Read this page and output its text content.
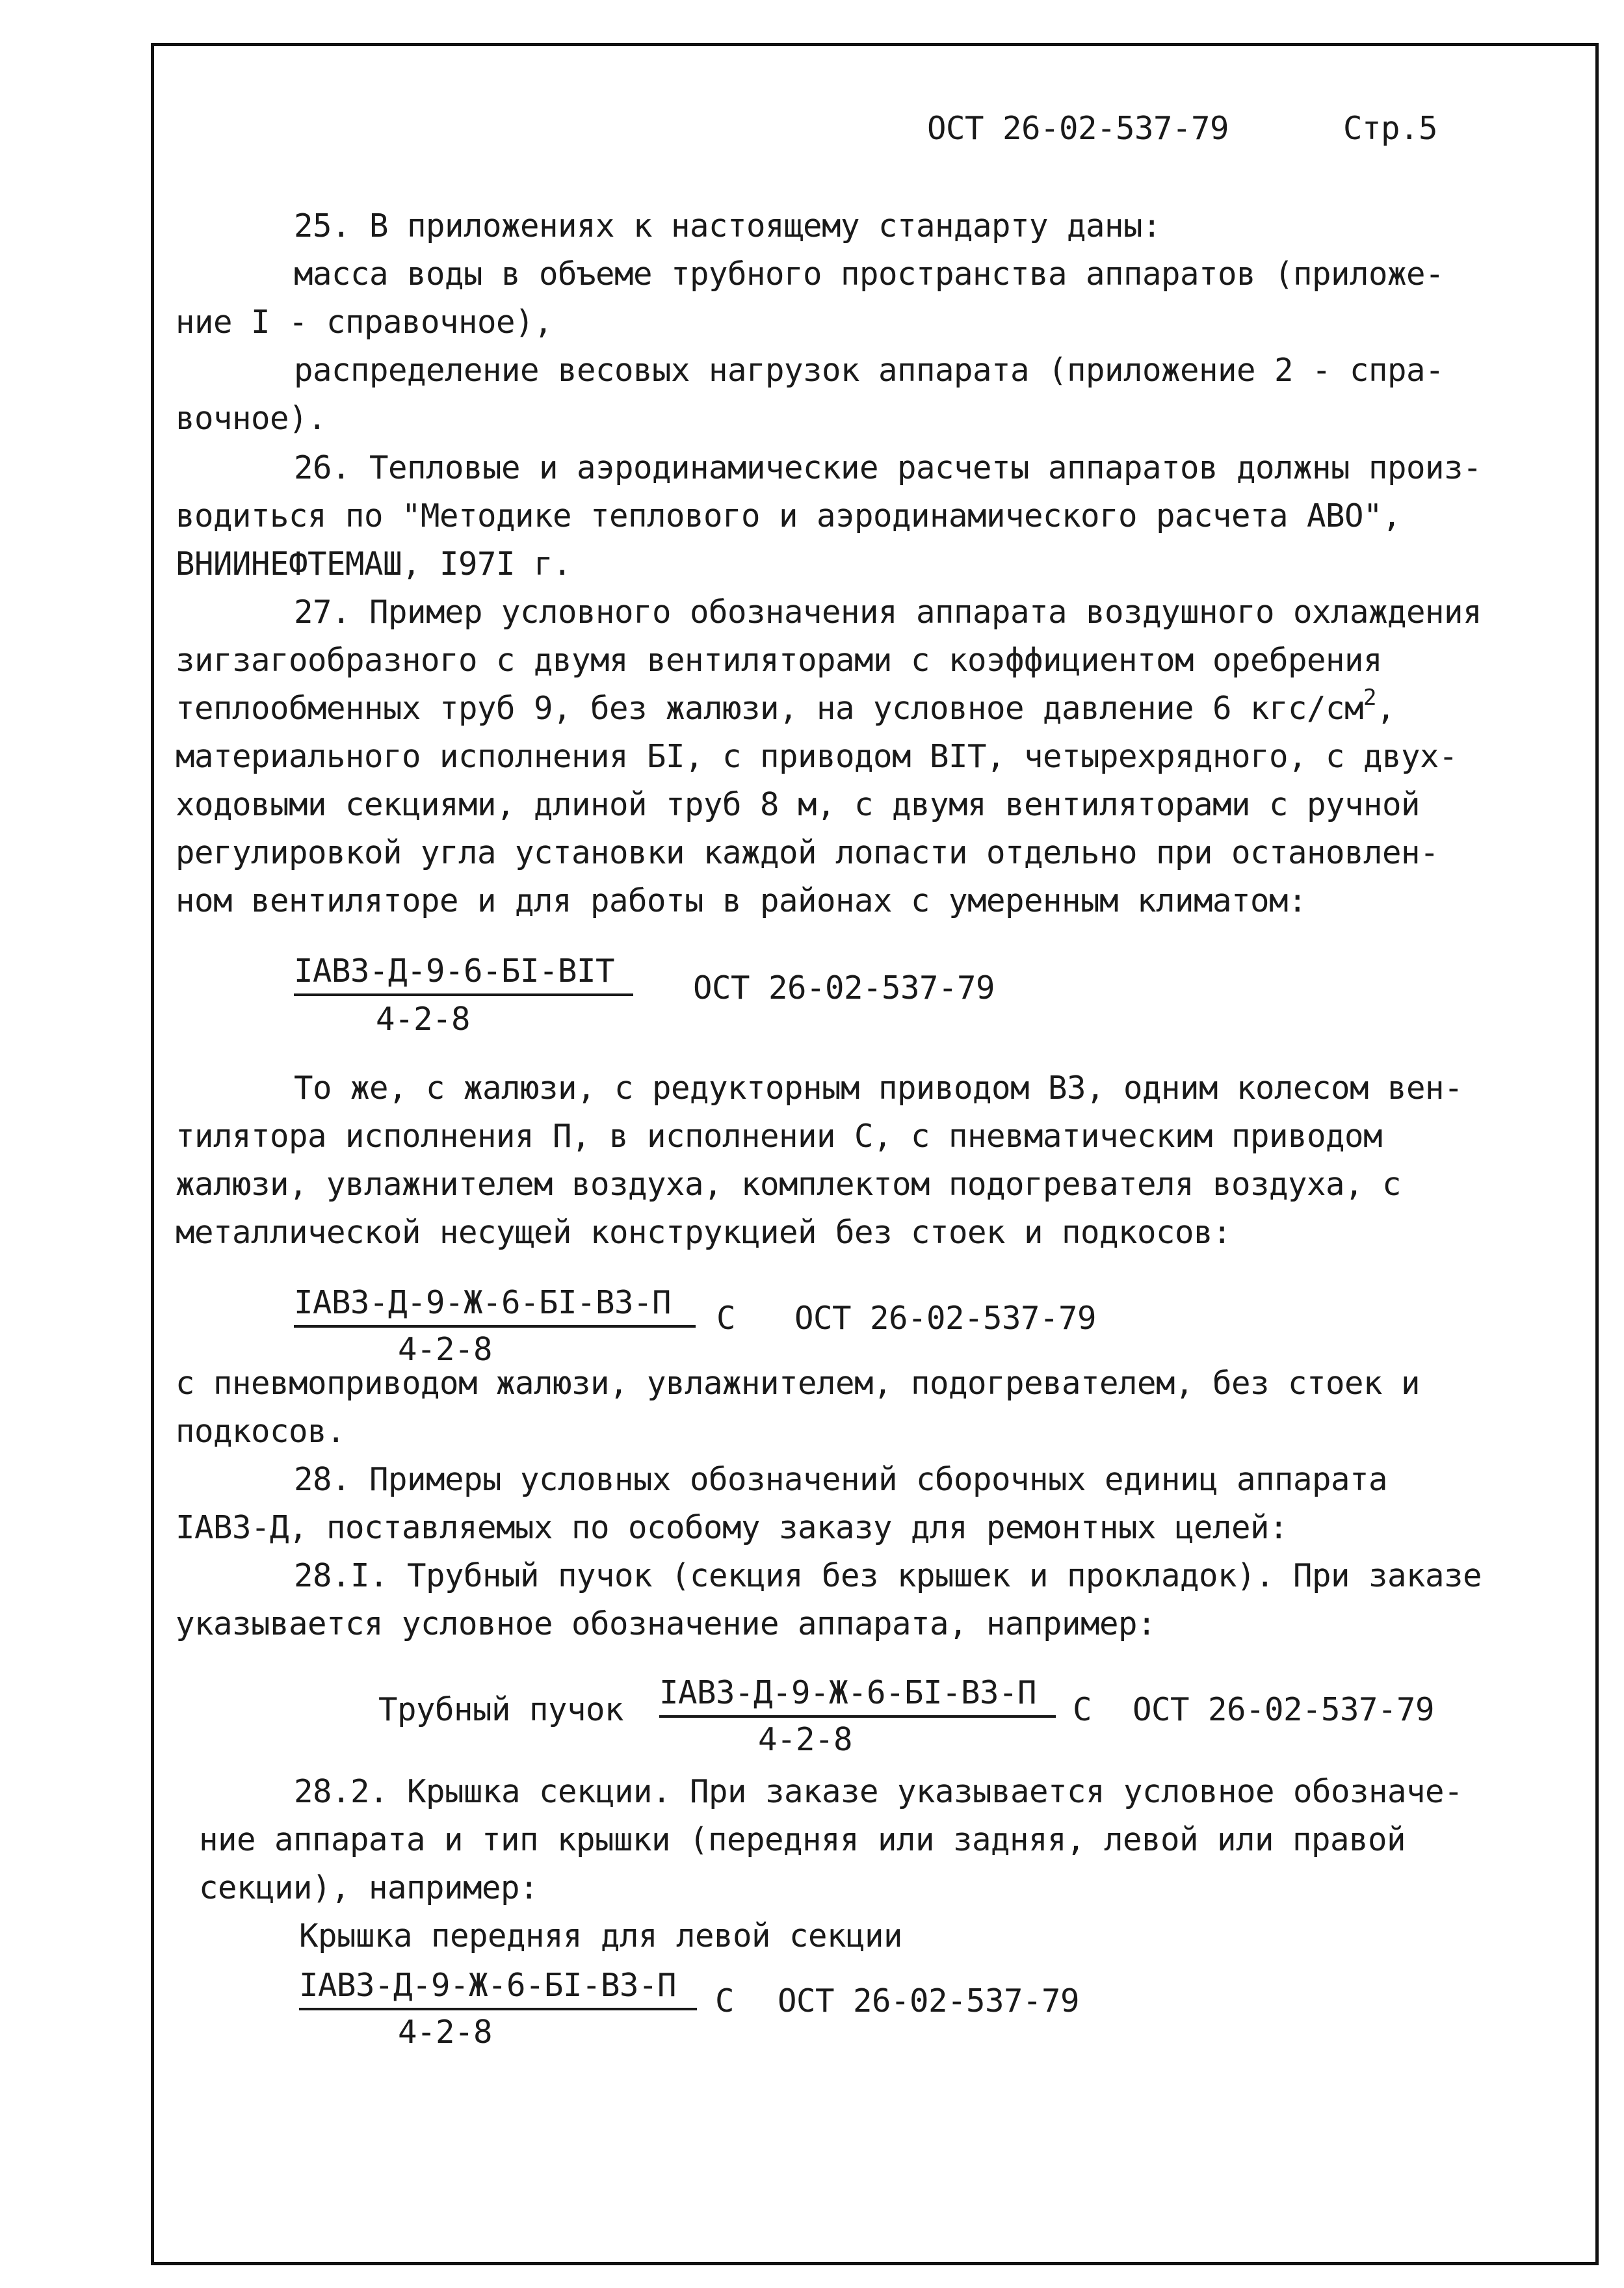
ОСТ 26-02-537-79	Стр.5
25. В приложениях к настоящему стандарту даны:
масса воды в объеме трубного пространства аппаратов (приложе-
ние I - справочное),
распределение весовых нагрузок аппарата (приложение 2 - спра-
вочное).
26. Тепловые и аэродинамические расчеты аппаратов должны произ-
водиться по "Методике теплового и аэродинамического расчета АВО",
ВНИИНЕФТЕМАШ, I97I г.
27. Пример условного обозначения аппарата воздушного охлаждения
зигзагообразного с двумя вентиляторами с коэффициентом оребрения
теплообменных труб 9, без жалюзи, на условное давление 6 кгс/$см^2$,
материального исполнения БI, с приводом BIТ, четырехрядного, с двух-
ходовыми секциями, длиной труб 8 м, с двумя вентиляторами с ручной
регулировкой угла установки каждой лопасти отдельно при остановлен-
ном вентиляторе и для работы в районах с умеренным климатом:
IАВЗ-Д-9-6-БI-ВIТ
4-2-8
ОСТ 26-02-537-79
То же, с жалюзи, с редукторным приводом ВЗ, одним колесом вен-
тилятора исполнения П, в исполнении С, с пневматическим приводом
жалюзи, увлажнителем воздуха, комплектом подогревателя воздуха, с
металлической несущей конструкцией без стоек и подкосов:
IАВЗ-Д-9-Ж-6-БI-ВЗ-П
4-2-8
С ОСТ 26-02-537-79
с пневмоприводом жалюзи, увлажнителем, подогревателем, без стоек и
подкосов.
28. Примеры условных обозначений сборочных единиц аппарата
IАВЗ-Д, поставляемых по особому заказу для ремонтных целей:
28.I. Трубный пучок (секция без крышек и прокладок). При заказе
указывается условное обозначение аппарата, например:
Трубный пучок IАВЗ-Д-9-Ж-6-БI-ВЗ-П
4-2-8
С ОСТ 26-02-537-79
28.2. Крышка секции. При заказе указывается условное обозначе-
ние аппарата и тип крышки (передняя или задняя, левой или правой
секции), например:
Крышка передняя для левой секции
IАВЗ-Д-9-Ж-6-БI-ВЗ-П
4-2-8
С ОСТ 26-02-537-79
